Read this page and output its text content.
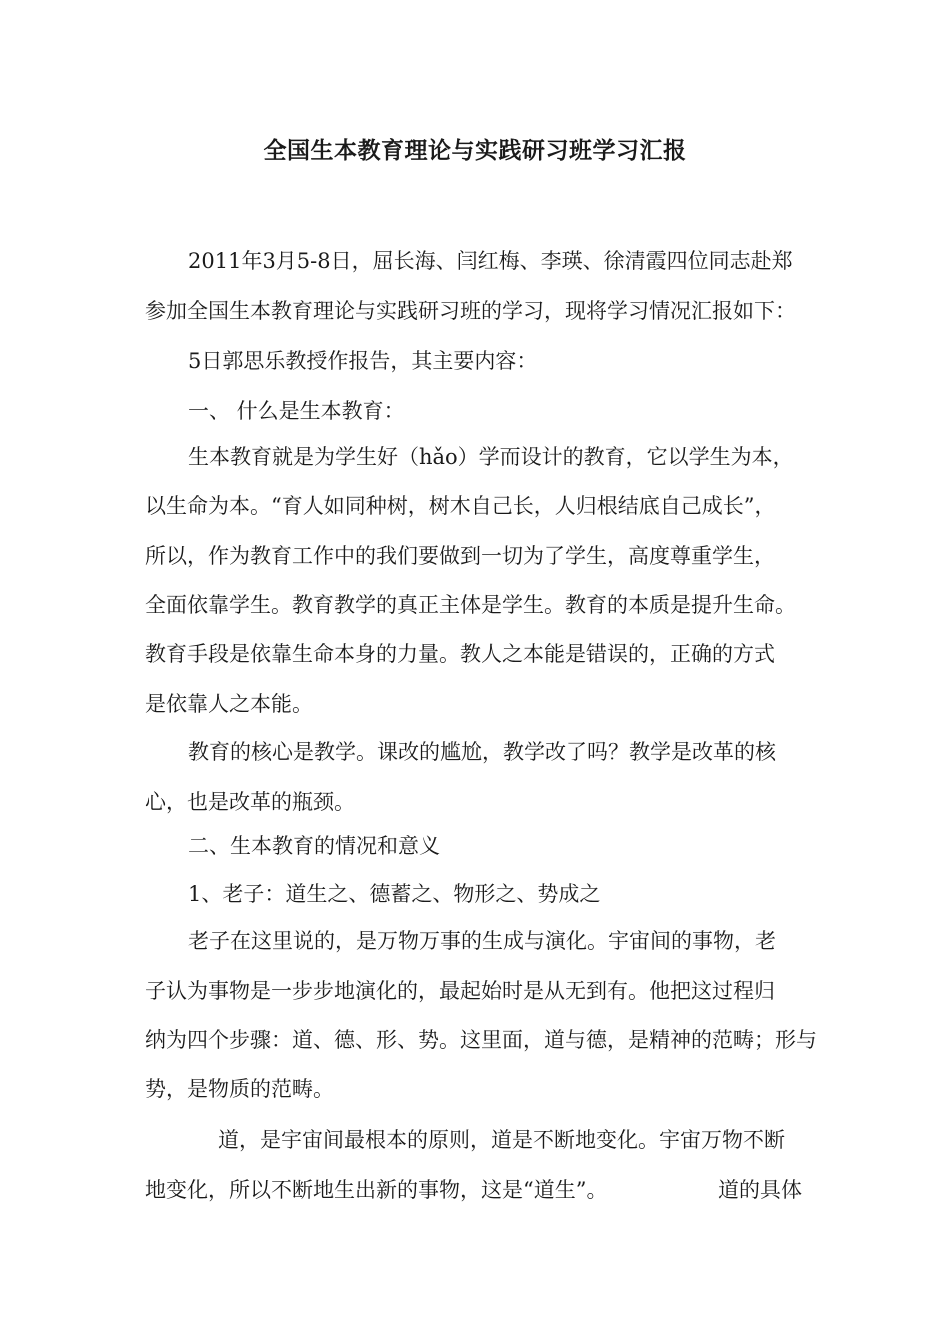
全国生本教育理论与实践研习班学习汇报
2011年3月5-8日，屈长海、闫红梅、李瑛、徐清霞四位同志赴郑
参加全国生本教育理论与实践研习班的学习，现将学习情况汇报如下：
5日郭思乐教授作报告，其主要内容：
一、 什么是生本教育：
生本教育就是为学生好（hǎo）学而设计的教育，它以学生为本，
以生命为本。“育人如同种树，树木自己长，人归根结底自己成长”，
所以，作为教育工作中的我们要做到一切为了学生，高度尊重学生，
全面依靠学生。教育教学的真正主体是学生。教育的本质是提升生命。
教育手段是依靠生命本身的力量。教人之本能是错误的，正确的方式
是依靠人之本能。
教育的核心是教学。课改的尴尬，教学改了吗？教学是改革的核
心，也是改革的瓶颈。
二、生本教育的情况和意义
1、老子：道生之、德蓄之、物形之、势成之
老子在这里说的，是万物万事的生成与演化。宇宙间的事物，老
子认为事物是一步步地演化的，最起始时是从无到有。他把这过程归
纳为四个步骤：道、德、形、势。这里面，道与德，是精神的范畴；形与
势，是物质的范畴。
道，是宇宙间最根本的原则，道是不断地变化。宇宙万物不断
地变化，所以不断地生出新的事物，这是“道生”。	道的具体
